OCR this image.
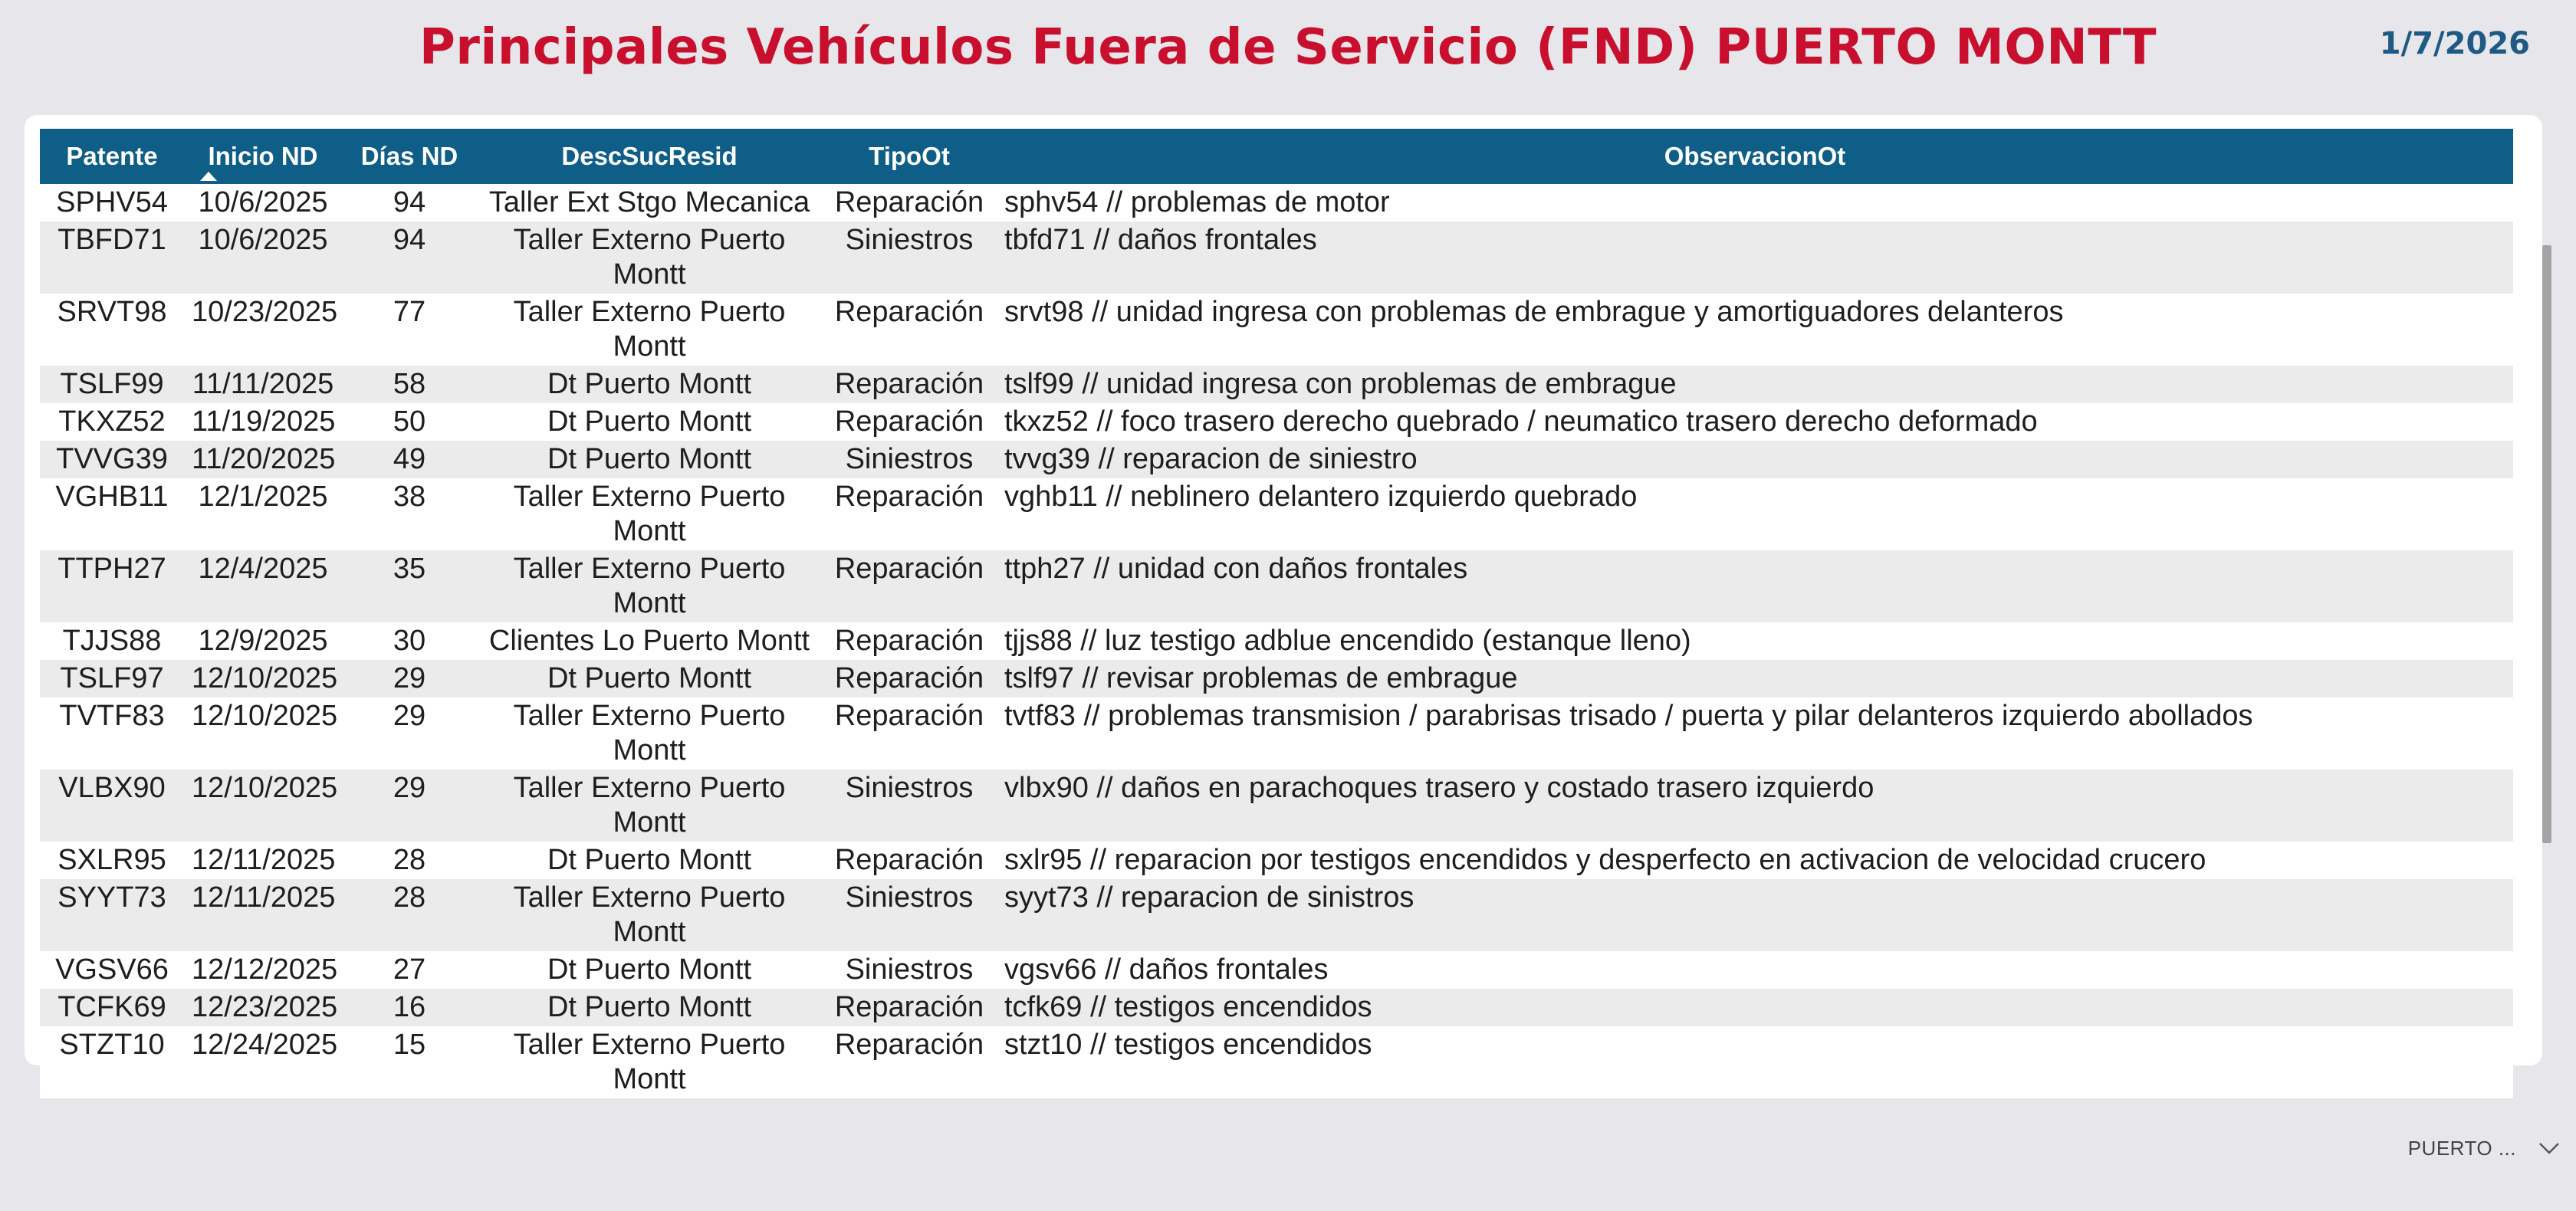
Principales Vehículos Fuera de Servicio (FND) PUERTO MONTT	1/7/2026
Patente	Inicio ND	Días ND	DescSucResid	TipoOt	ObservacionOt
SPHV54	10/6/2025	94	Taller Ext Stgo Mecanica	Reparación	sphv54 // problemas de motor
TBFD71	10/6/2025	94	Taller Externo Puerto Montt	Siniestros	tbfd71 // daños frontales
SRVT98	10/23/2025	77	Taller Externo Puerto Montt	Reparación	srvt98 // unidad ingresa con problemas de embrague y amortiguadores delanteros
TSLF99	11/11/2025	58	Dt Puerto Montt	Reparación	tslf99 // unidad ingresa con problemas de embrague
TKXZ52	11/19/2025	50	Dt Puerto Montt	Reparación	tkxz52 // foco trasero derecho quebrado / neumatico trasero derecho deformado
TVVG39	11/20/2025	49	Dt Puerto Montt	Siniestros	tvvg39 // reparacion de siniestro
VGHB11	12/1/2025	38	Taller Externo Puerto Montt	Reparación	vghb11 // neblinero delantero izquierdo quebrado
TTPH27	12/4/2025	35	Taller Externo Puerto Montt	Reparación	ttph27 // unidad con daños frontales
TJJS88	12/9/2025	30	Clientes Lo Puerto Montt	Reparación	tjjs88 // luz testigo adblue encendido (estanque lleno)
TSLF97	12/10/2025	29	Dt Puerto Montt	Reparación	tslf97 // revisar problemas de embrague
TVTF83	12/10/2025	29	Taller Externo Puerto Montt	Reparación	tvtf83 // problemas transmision / parabrisas trisado / puerta y pilar delanteros izquierdo abollados
VLBX90	12/10/2025	29	Taller Externo Puerto Montt	Siniestros	vlbx90 // daños en parachoques trasero y costado trasero izquierdo
SXLR95	12/11/2025	28	Dt Puerto Montt	Reparación	sxlr95 // reparacion por testigos encendidos y desperfecto en activacion de velocidad crucero
SYYT73	12/11/2025	28	Taller Externo Puerto Montt	Siniestros	syyt73 // reparacion de sinistros
VGSV66	12/12/2025	27	Dt Puerto Montt	Siniestros	vgsv66 // daños frontales
TCFK69	12/23/2025	16	Dt Puerto Montt	Reparación	tcfk69 // testigos encendidos
STZT10	12/24/2025	15	Taller Externo Puerto Montt	Reparación	stzt10 // testigos encendidos
PUERTO ...
